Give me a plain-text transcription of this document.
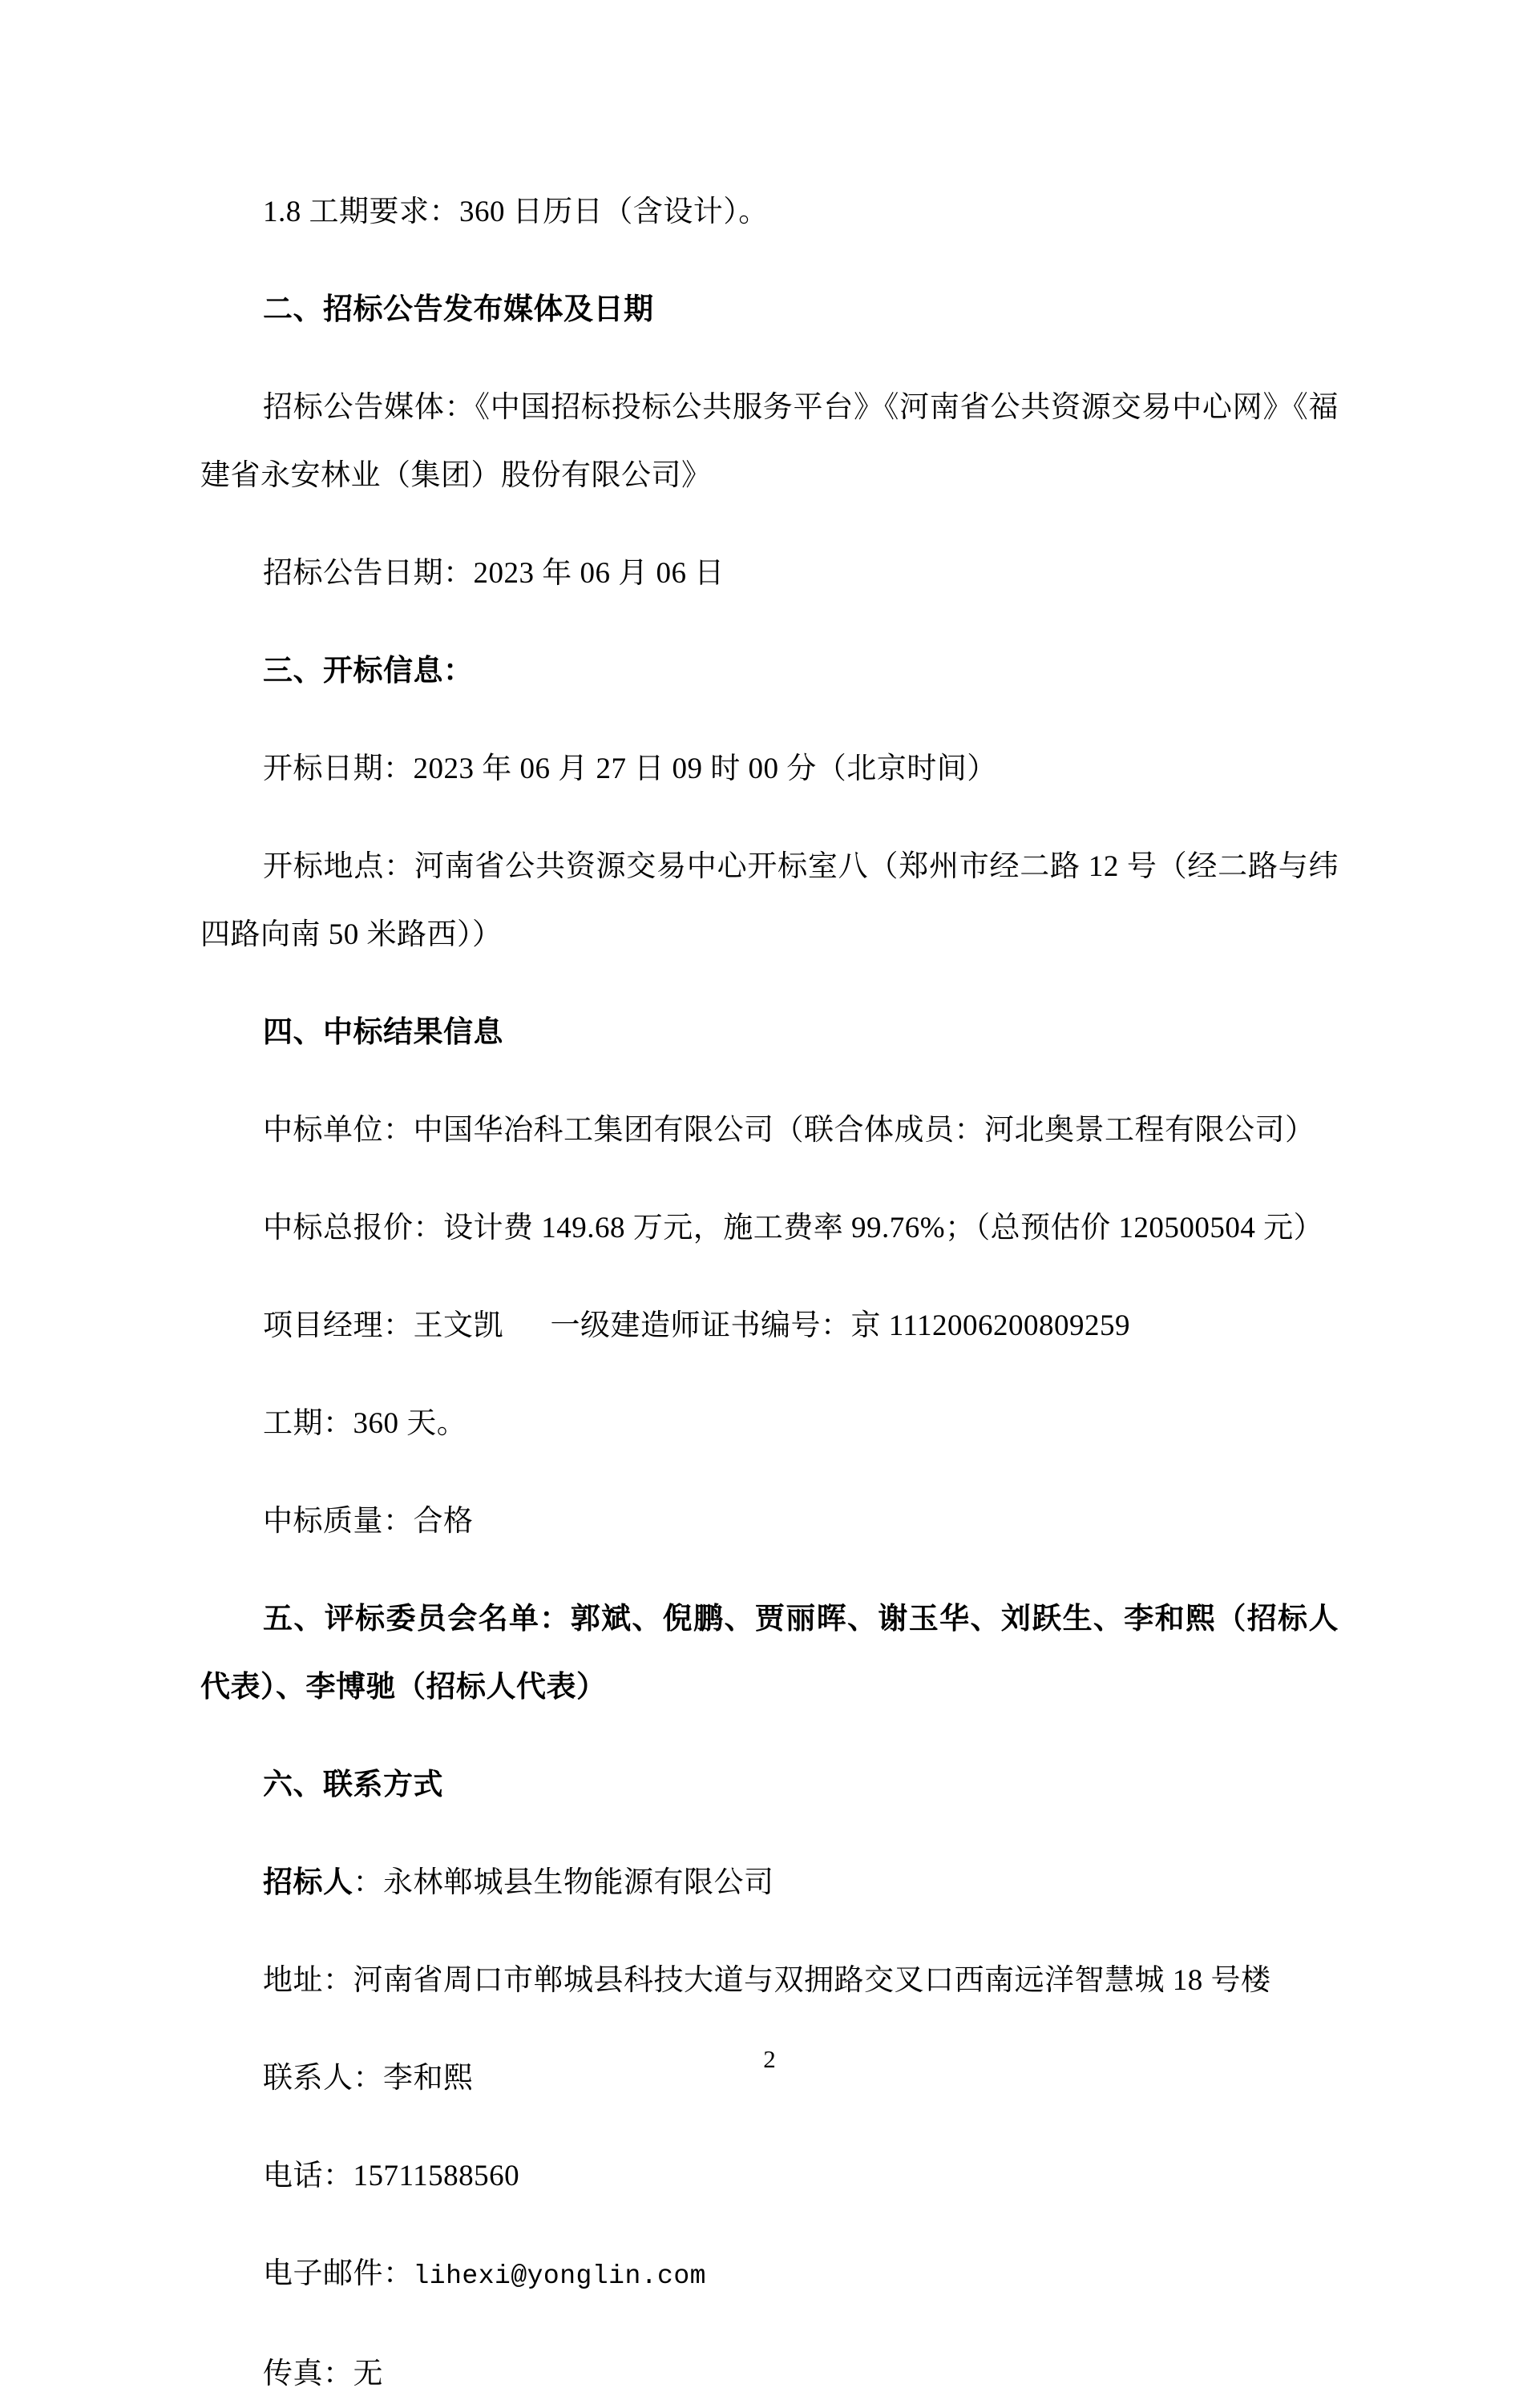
1.8 工期要求：360 日历日（含设计）。

二、招标公告发布媒体及日期

招标公告媒体：《中国招标投标公共服务平台》《河南省公共资源交易中心网》《福建省永安林业（集团）股份有限公司》

招标公告日期：2023 年 06 月 06 日

三、开标信息：

开标日期：2023 年 06 月 27 日 09 时 00 分（北京时间）

开标地点：河南省公共资源交易中心开标室八（郑州市经二路 12 号（经二路与纬四路向南 50 米路西））

四、中标结果信息

中标单位：中国华冶科工集团有限公司（联合体成员：河北奥景工程有限公司）

中标总报价：设计费 149.68 万元，施工费率 99.76%；（总预估价 120500504 元）

项目经理：王文凯      一级建造师证书编号：京 1112006200809259

工期：360 天。

中标质量：合格

五、评标委员会名单：郭斌、倪鹏、贾丽晖、谢玉华、刘跃生、李和熙（招标人代表）、李博驰（招标人代表）

六、联系方式

招标人：永林郸城县生物能源有限公司

地址：河南省周口市郸城县科技大道与双拥路交叉口西南远洋智慧城 18 号楼

联系人：李和熙

电话：15711588560

电子邮件：lihexi@yonglin.com

传真：无

2
